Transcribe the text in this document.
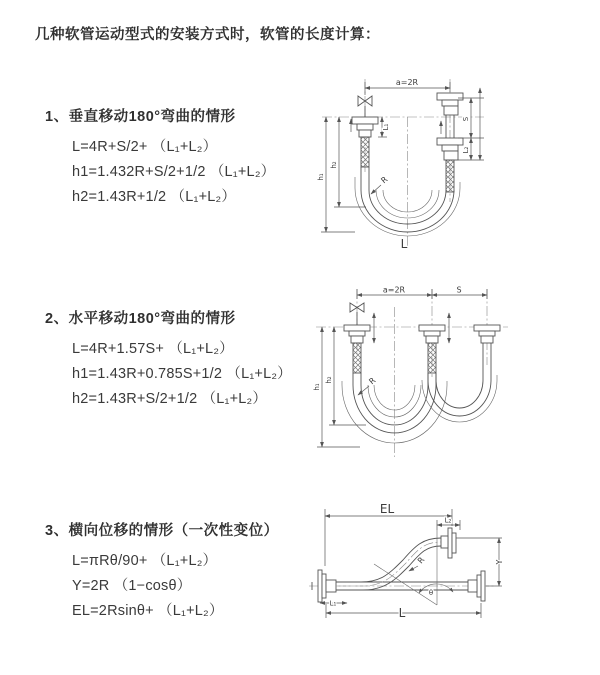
几种软管运动型式的安装方式时，软管的长度计算：
1、垂直移动180°弯曲的情形
L=4R+S/2+ （L₁+L₂）
h1=1.432R+S/2+1/2 （L₁+L₂）
h2=1.43R+1/2 （L₁+L₂）
2、水平移动180°弯曲的情形
L=4R+1.57S+ （L₁+L₂）
h1=1.43R+0.785S+1/2 （L₁+L₂）
h2=1.43R+S/2+1/2 （L₁+L₂）
3、横向位移的情形（一次性变位）
L=πRθ/90+ （L₁+L₂）
Y=2R （1−cosθ）
EL=2Rsinθ+ （L₁+L₂）
a=2R
h₁
h₂
L₁
S
L₂
R
L
a=2R	S
h₁
h₂	R
EL
L₂
θ
R	Y
L₁
L
